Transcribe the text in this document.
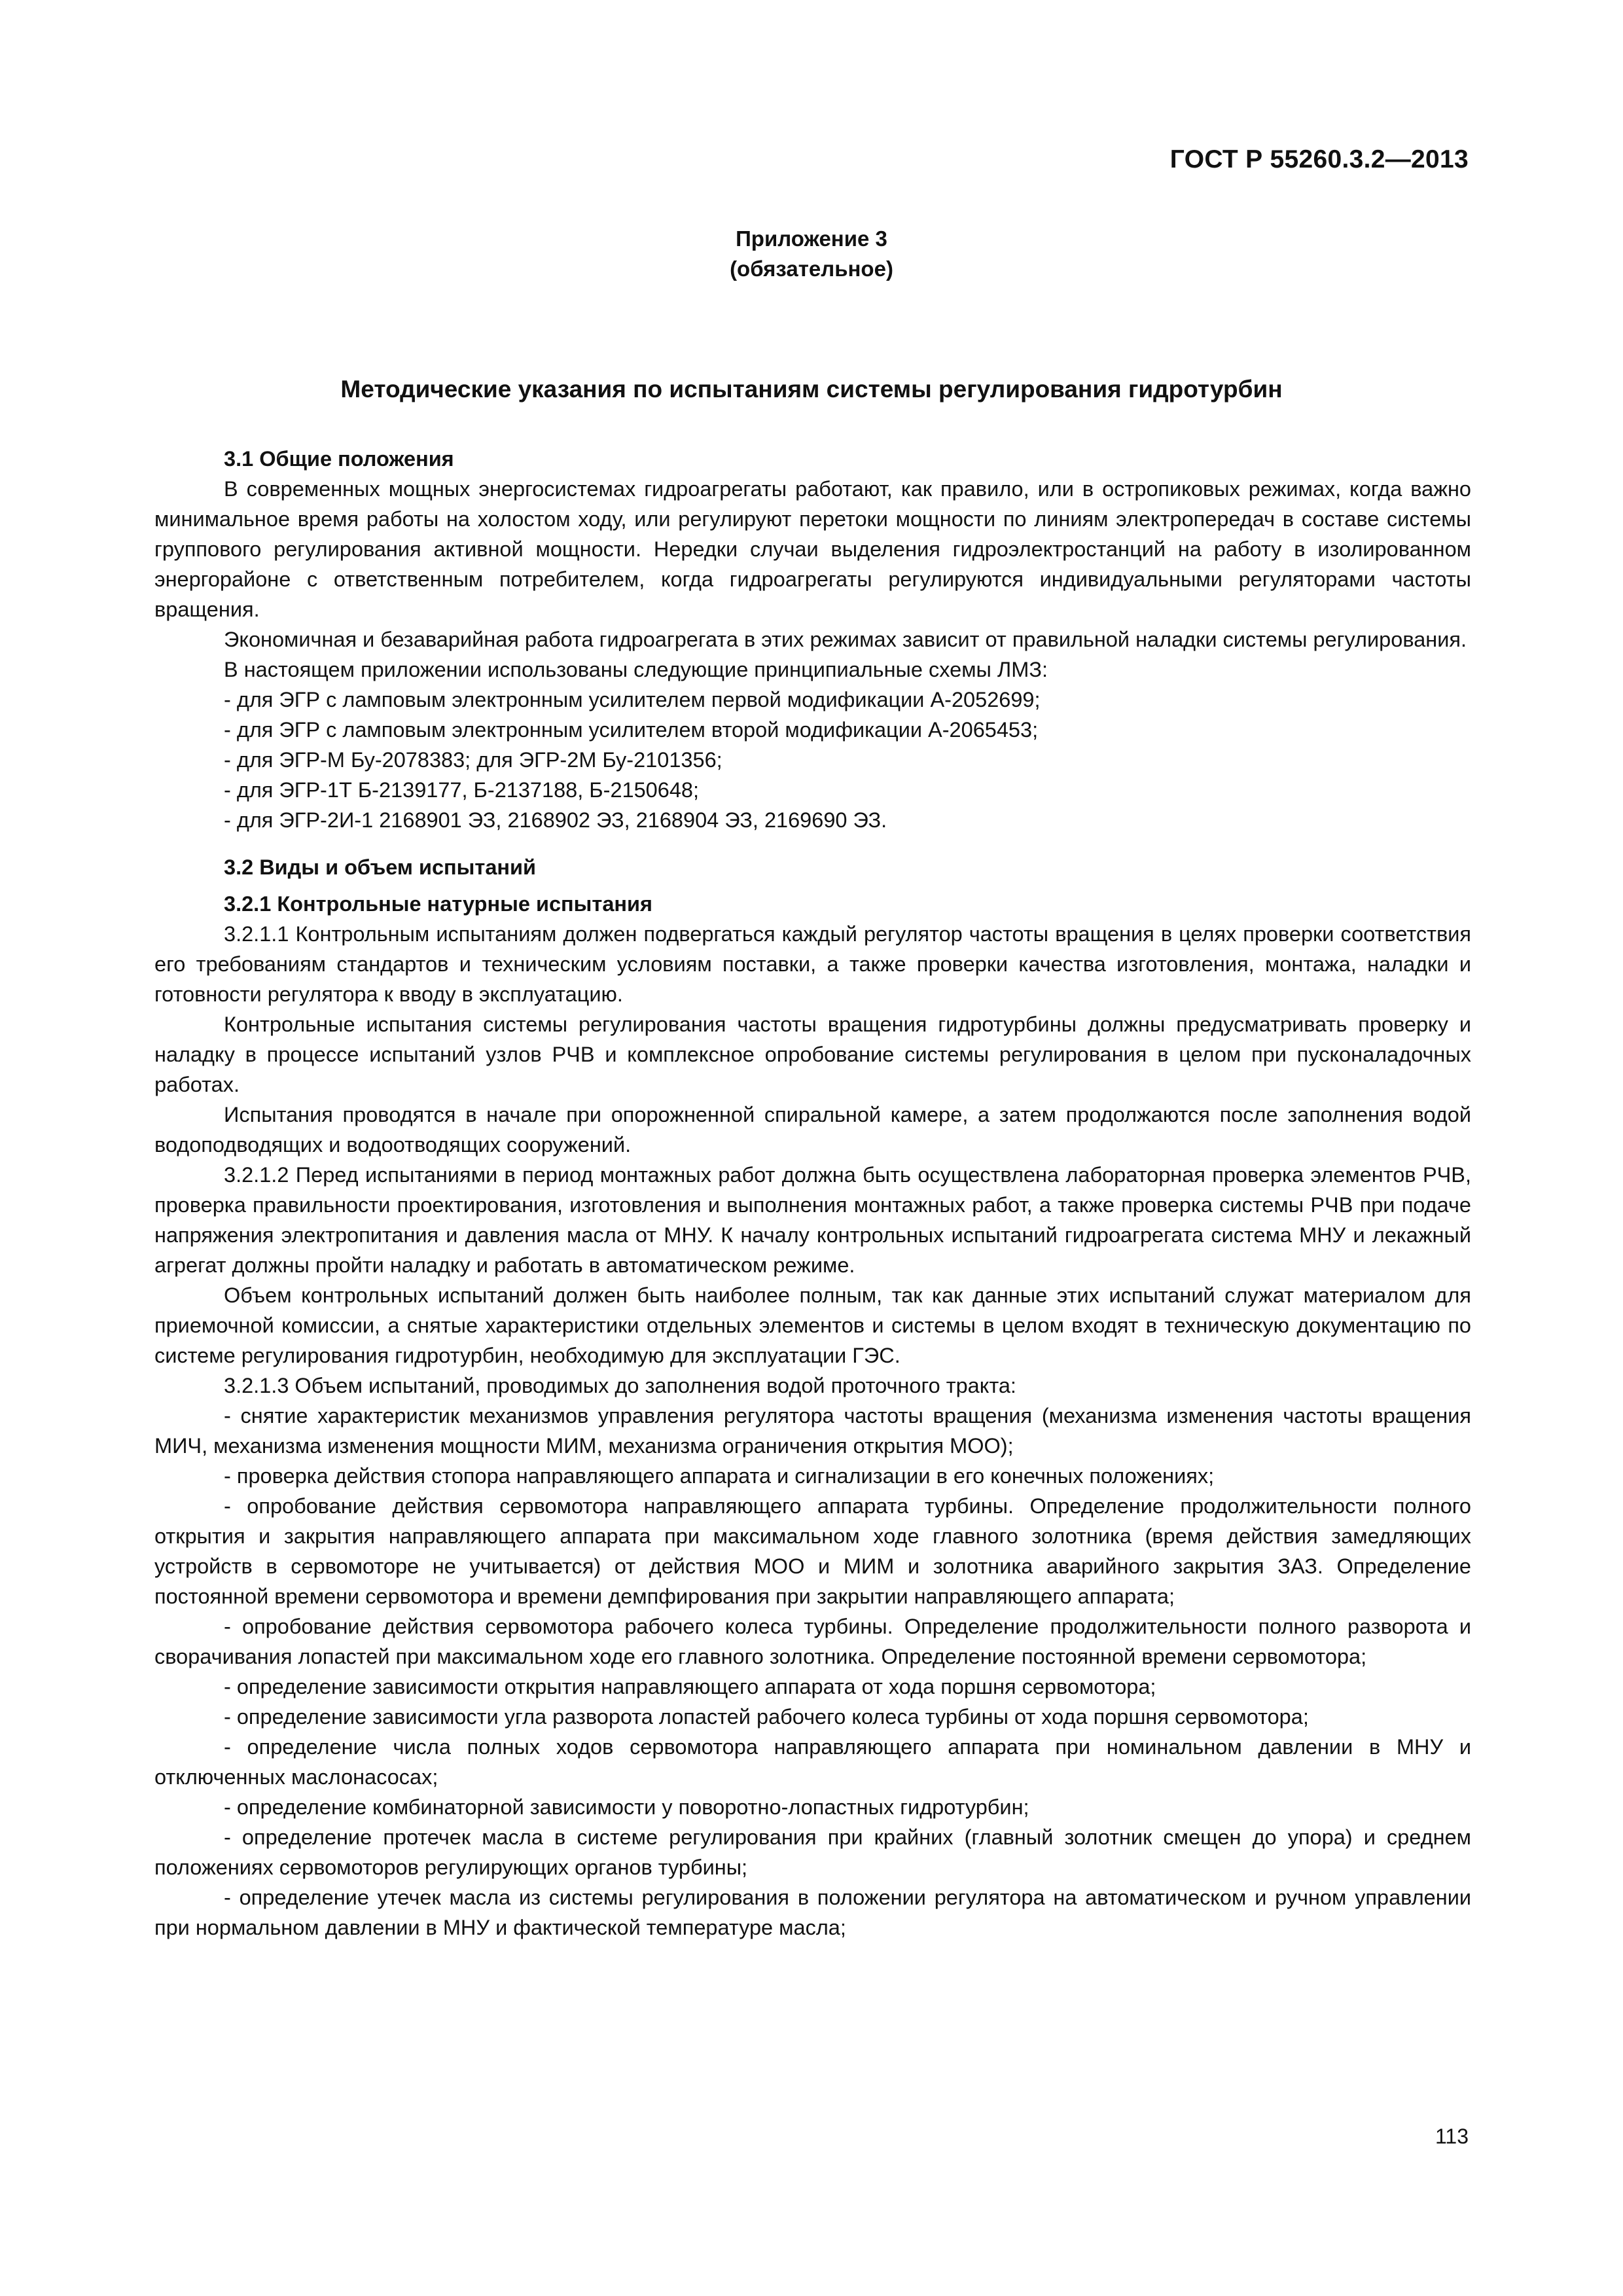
ГОСТ Р 55260.3.2—2013
Приложение 3
(обязательное)
Методические указания по испытаниям системы регулирования гидротурбин
3.1 Общие положения

В современных мощных энергосистемах гидроагрегаты работают, как правило, или в остропиковых режимах, когда важно минимальное время работы на холостом ходу, или регулируют перетоки мощности по линиям электропередач в составе системы группового регулирования активной мощности. Нередки случаи выделения гидроэлектростанций на работу в изолированном энергорайоне с ответственным потребителем, когда гидроагрегаты регулируются индивидуальными регуляторами частоты вращения.

Экономичная и безаварийная работа гидроагрегата в этих режимах зависит от правильной наладки системы регулирования.

В настоящем приложении использованы следующие принципиальные схемы ЛМЗ:

- для ЭГР с ламповым электронным усилителем первой модификации А-2052699;

- для ЭГР с ламповым электронным усилителем второй модификации А-2065453;

- для ЭГР-М Бу-2078383; для ЭГР-2М Бу-2101356;

- для ЭГР-1Т Б-2139177, Б-2137188, Б-2150648;

- для ЭГР-2И-1 2168901 ЭЗ, 2168902 ЭЗ, 2168904 ЭЗ, 2169690 ЭЗ.

3.2 Виды и объем испытаний
3.2.1 Контрольные натурные испытания

3.2.1.1 Контрольным испытаниям должен подвергаться каждый регулятор частоты вращения в целях проверки соответствия его требованиям стандартов и техническим условиям поставки, а также проверки качества изготовления, монтажа, наладки и готовности регулятора к вводу в эксплуатацию.

Контрольные испытания системы регулирования частоты вращения гидротурбины должны предусматривать проверку и наладку в процессе испытаний узлов РЧВ и комплексное опробование системы регулирования в целом при пусконаладочных работах.

Испытания проводятся в начале при опорожненной спиральной камере, а затем продолжаются после заполнения водой водоподводящих и водоотводящих сооружений.

3.2.1.2 Перед испытаниями в период монтажных работ должна быть осуществлена лабораторная проверка элементов РЧВ, проверка правильности проектирования, изготовления и выполнения монтажных работ, а также проверка системы РЧВ при подаче напряжения электропитания и давления масла от МНУ. К началу контрольных испытаний гидроагрегата система МНУ и лекажный агрегат должны пройти наладку и работать в автоматическом режиме.

Объем контрольных испытаний должен быть наиболее полным, так как данные этих испытаний служат материалом для приемочной комиссии, а снятые характеристики отдельных элементов и системы в целом входят в техническую документацию по системе регулирования гидротурбин, необходимую для эксплуатации ГЭС.

3.2.1.3 Объем испытаний, проводимых до заполнения водой проточного тракта:

- снятие характеристик механизмов управления регулятора частоты вращения (механизма изменения частоты вращения МИЧ, механизма изменения мощности МИМ, механизма ограничения открытия МОО);

- проверка действия стопора направляющего аппарата и сигнализации в его конечных положениях;

- опробование действия сервомотора направляющего аппарата турбины. Определение продолжительности полного открытия и закрытия направляющего аппарата при максимальном ходе главного золотника (время действия замедляющих устройств в сервомоторе не учитывается) от действия МОО и МИМ и золотника аварийного закрытия ЗАЗ. Определение постоянной времени сервомотора и времени демпфирования при закрытии направляющего аппарата;

- опробование действия сервомотора рабочего колеса турбины. Определение продолжительности полного разворота и сворачивания лопастей при максимальном ходе его главного золотника. Определение постоянной времени сервомотора;

- определение зависимости открытия направляющего аппарата от хода поршня сервомотора;

- определение зависимости угла разворота лопастей рабочего колеса турбины от хода поршня сервомотора;

- определение числа полных ходов сервомотора направляющего аппарата при номинальном давлении в МНУ и отключенных маслонасосах;

- определение комбинаторной зависимости у поворотно-лопастных гидротурбин;

- определение протечек масла в системе регулирования при крайних (главный золотник смещен до упора) и среднем положениях сервомоторов регулирующих органов турбины;

- определение утечек масла из системы регулирования в положении регулятора на автоматическом и ручном управлении при нормальном давлении в МНУ и фактической температуре масла;

113
